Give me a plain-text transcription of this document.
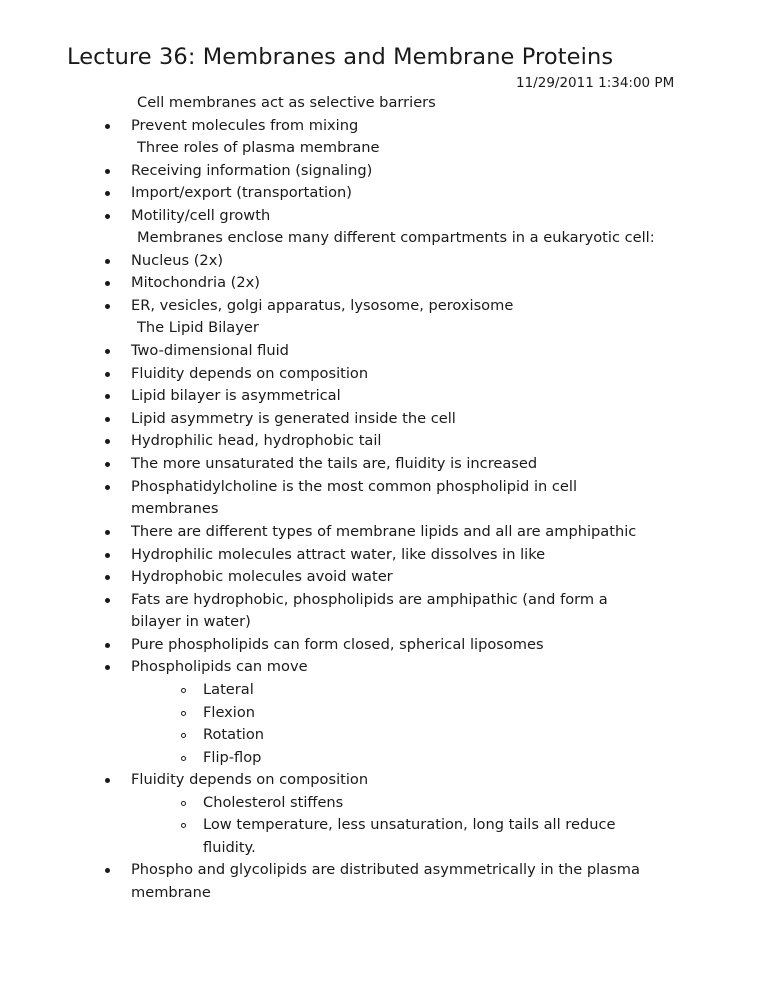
Lecture 36: Membranes and Membrane Proteins
11/29/2011 1:34:00 PM
Cell membranes act as selective barriers
Prevent molecules from mixing
Three roles of plasma membrane
Receiving information (signaling)
Import/export (transportation)
Motility/cell growth
Membranes enclose many different compartments in a eukaryotic cell:
Nucleus (2x)
Mitochondria (2x)
ER, vesicles, golgi apparatus, lysosome, peroxisome
The Lipid Bilayer
Two-dimensional fluid
Fluidity depends on composition
Lipid bilayer is asymmetrical
Lipid asymmetry is generated inside the cell
Hydrophilic head, hydrophobic tail
The more unsaturated the tails are, fluidity is increased
Phosphatidylcholine is the most common phospholipid in cell
membranes
There are different types of membrane lipids and all are amphipathic
Hydrophilic molecules attract water, like dissolves in like
Hydrophobic molecules avoid water
Fats are hydrophobic, phospholipids are amphipathic (and form a
bilayer in water)
Pure phospholipids can form closed, spherical liposomes
Phospholipids can move
Lateral
Flexion
Rotation
Flip-flop
Fluidity depends on composition
Cholesterol stiffens
Low temperature, less unsaturation, long tails all reduce
fluidity.
Phospho and glycolipids are distributed asymmetrically in the plasma
membrane
